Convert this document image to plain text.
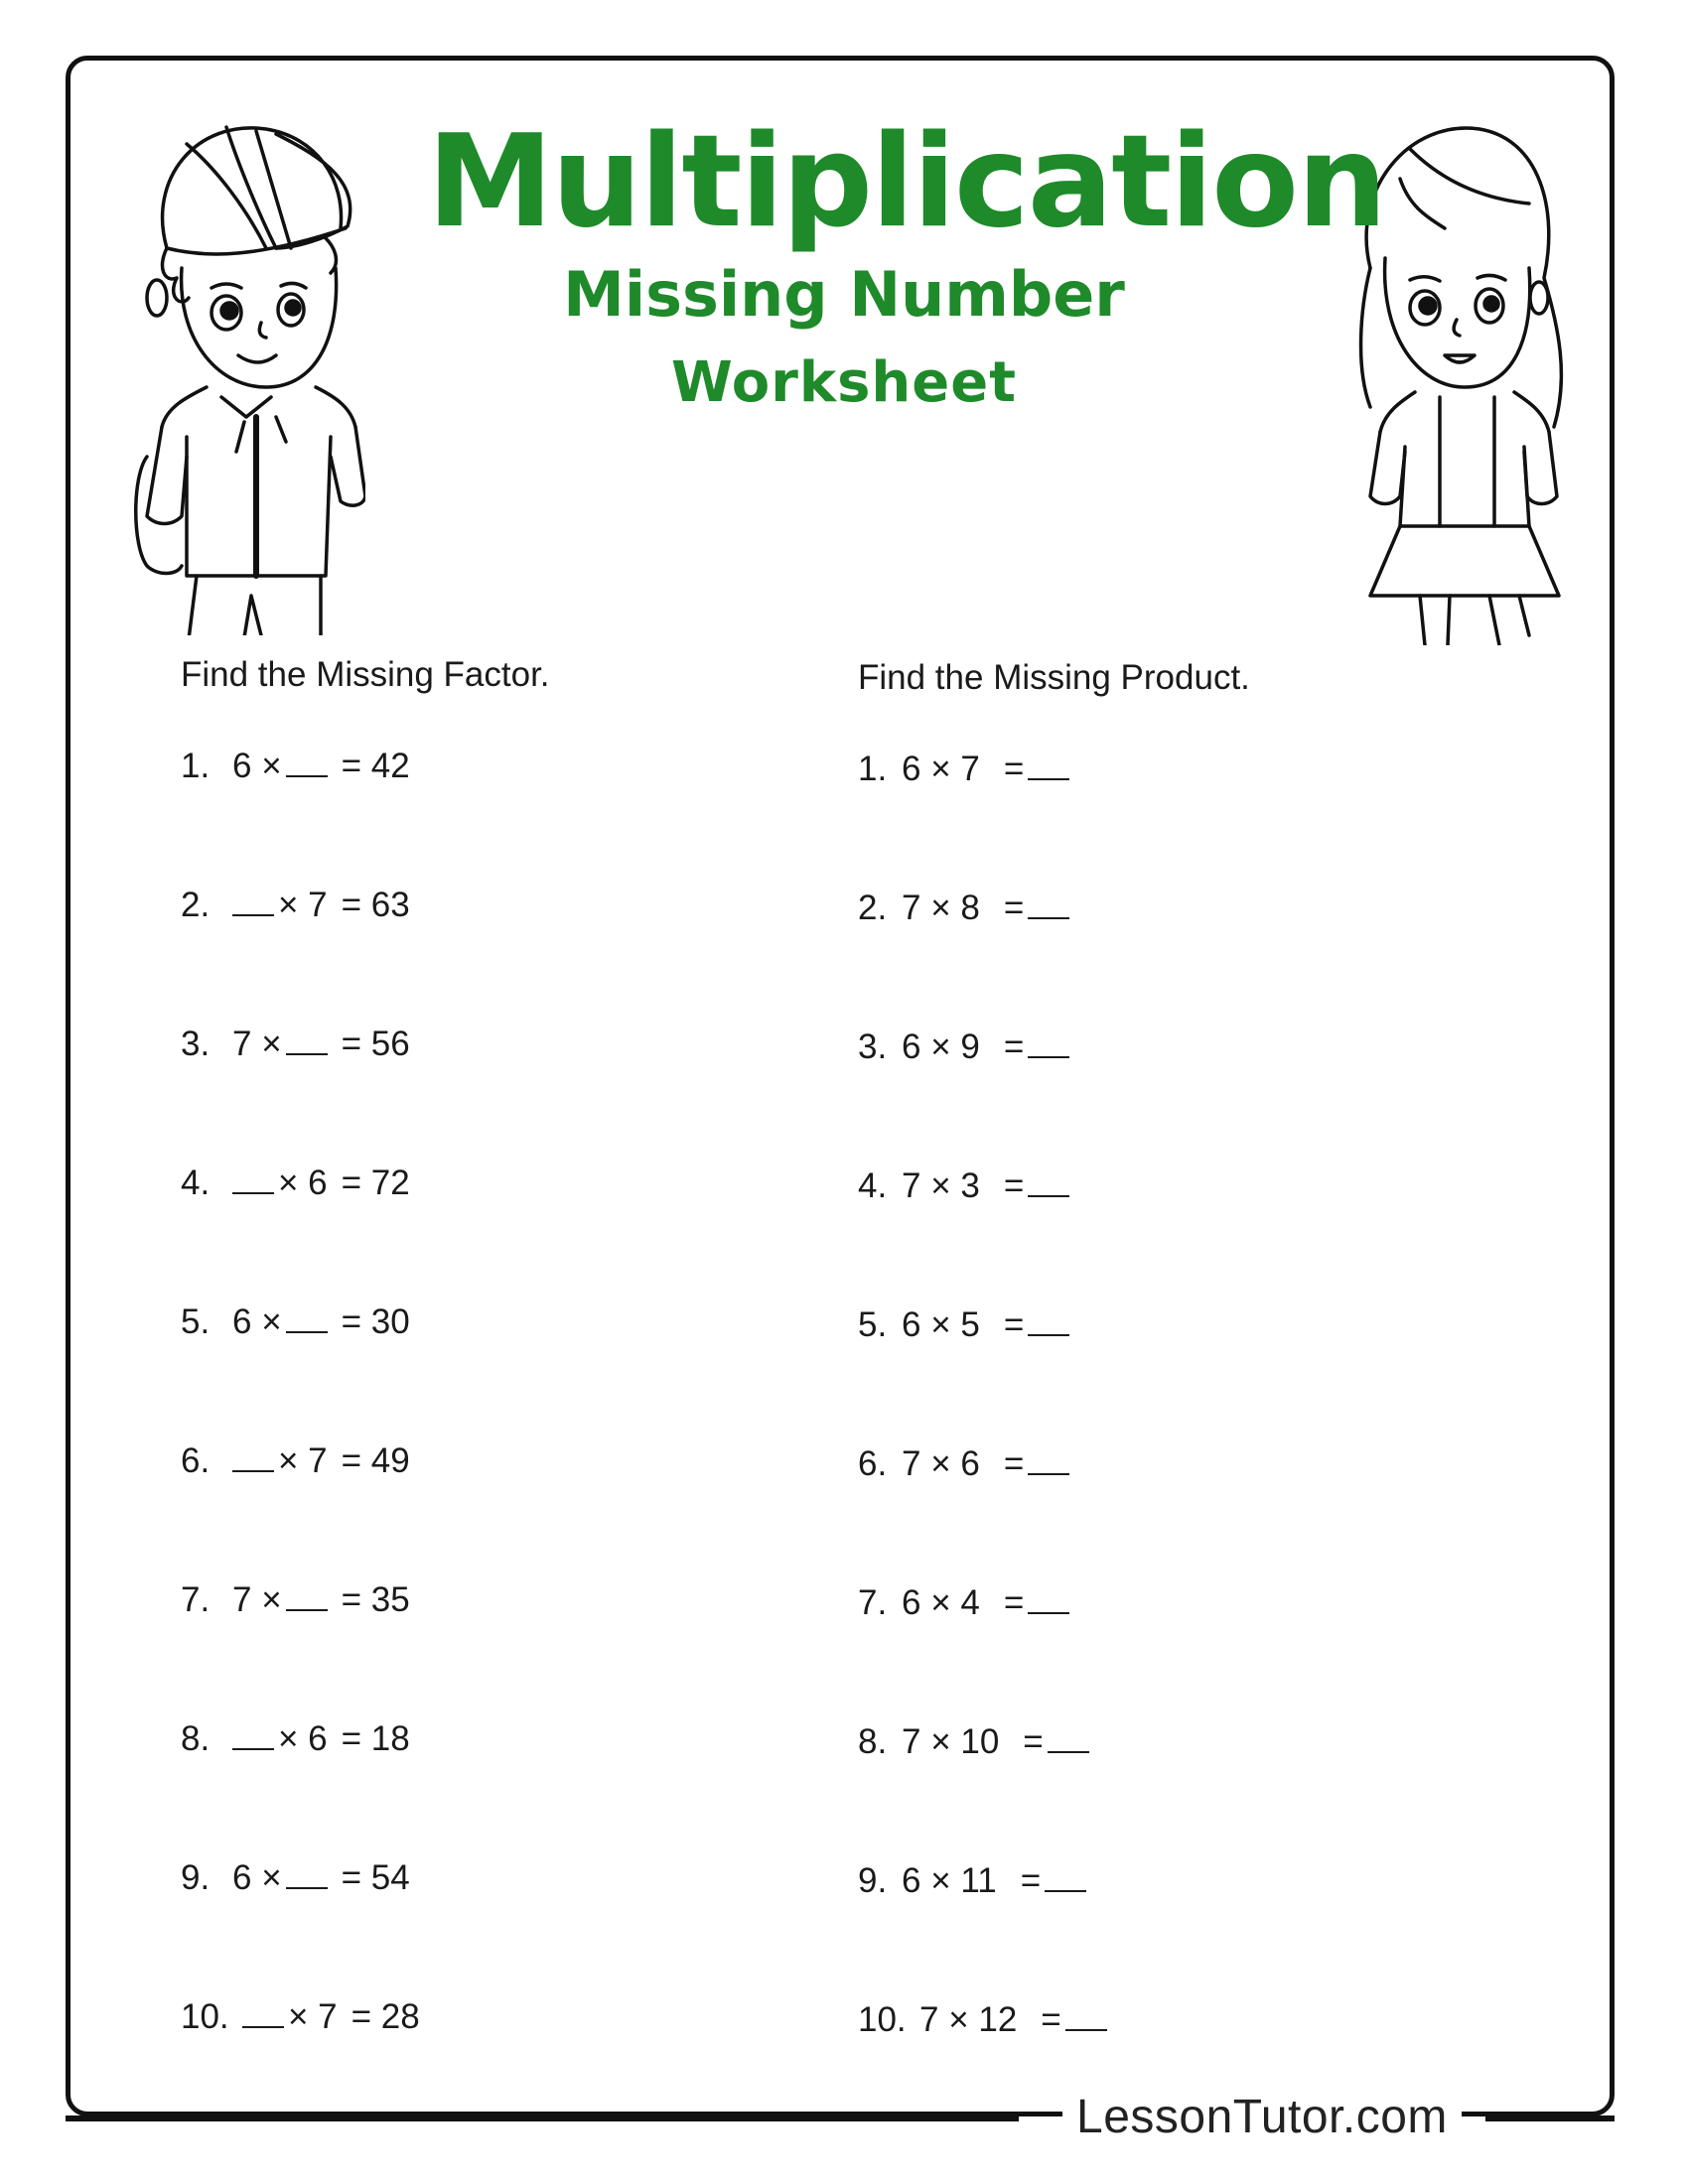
Multiplication
Missing Number
Worksheet
Find the Missing Factor.
1. 6 × = 42
2. × 7 = 63
3. 7 × = 56
4. × 6 = 72
5. 6 × = 30
6. × 7 = 49
7. 7 × = 35
8. × 6 = 18
9. 6 × = 54
10. × 7 = 28
Find the Missing Product.
1. 6 × 7 =
2. 7 × 8 =
3. 6 × 9 =
4. 7 × 3 =
5. 6 × 5 =
6. 7 × 6 =
7. 6 × 4 =
8. 7 × 10 =
9. 6 × 11 =
10. 7 × 12 =
LessonTutor.com
